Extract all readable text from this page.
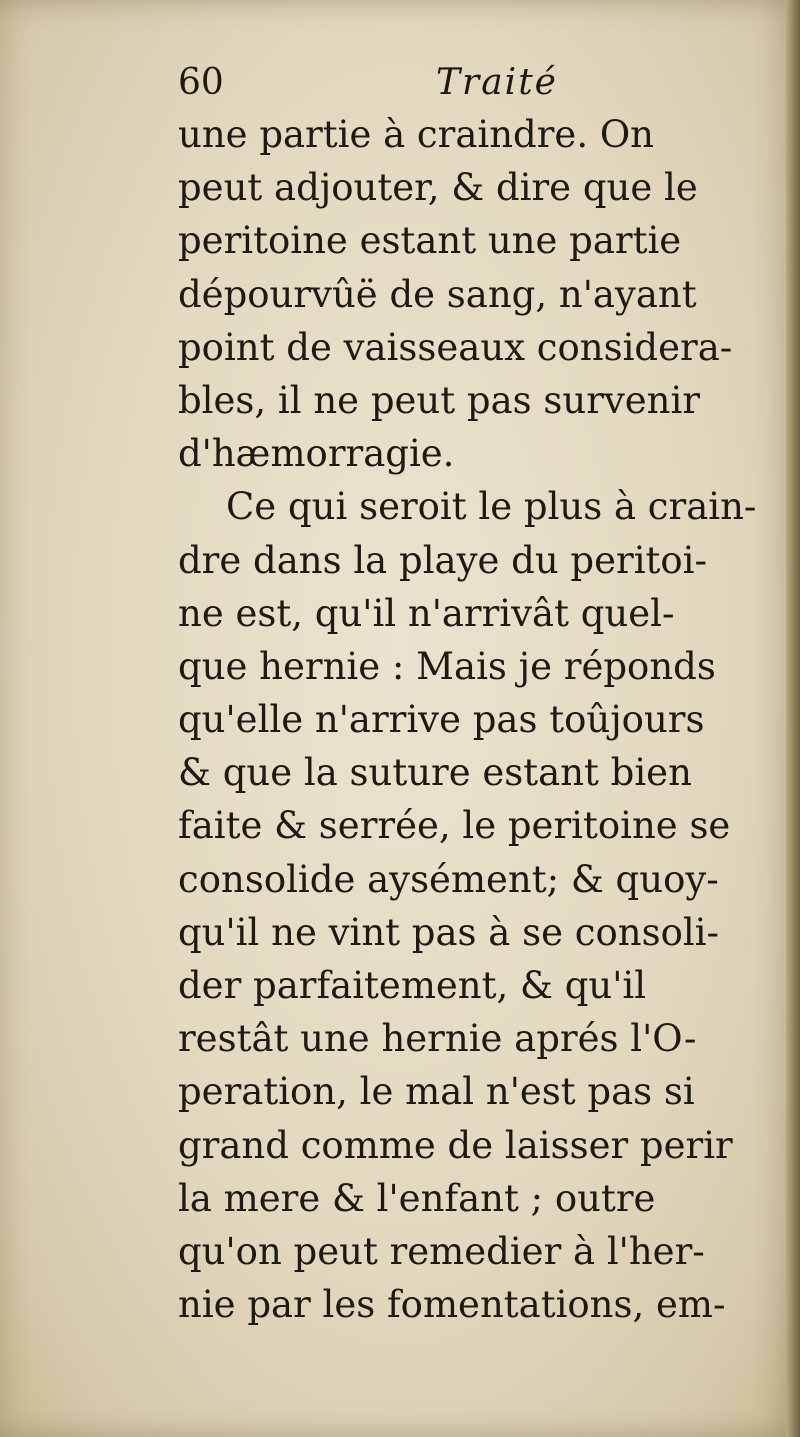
60	Traité
une partie à craindre. On
peut adjouter, & dire que le
peritoine estant une partie
dépourvûë de sang, n'ayant
point de vaisseaux considera-
bles, il ne peut pas survenir
d'hæmorragie.
Ce qui seroit le plus à crain-
dre dans la playe du peritoi-
ne est, qu'il n'arrivât quel-
que hernie : Mais je réponds
qu'elle n'arrive pas toûjours
& que la suture estant bien
faite & serrée, le peritoine se
consolide aysément; & quoy-
qu'il ne vint pas à se consoli-
der parfaitement, & qu'il
restât une hernie aprés l'O-
peration, le mal n'est pas si
grand comme de laisser perir
la mere & l'enfant ; outre
qu'on peut remedier à l'her-
nie par les fomentations, em-
